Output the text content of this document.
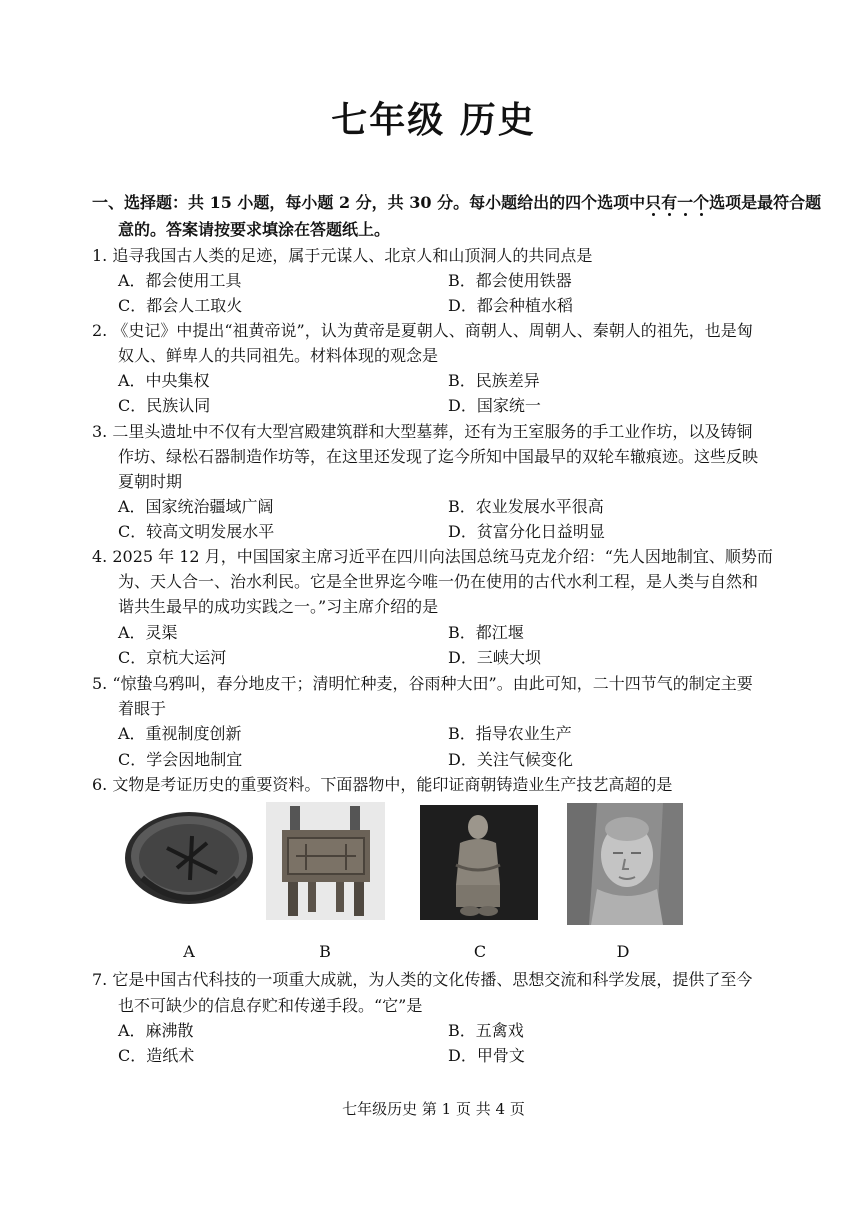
七年级 历史
一、选择题：共 15 小题，每小题 2 分，共 30 分。每小题给出的四个选项中只有一个选项是最符合题
意的。答案请按要求填涂在答题纸上。
1. 追寻我国古人类的足迹，属于元谋人、北京人和山顶洞人的共同点是
A．都会使用工具	B．都会使用铁器
C．都会人工取火	D．都会种植水稻
2. 《史记》中提出“祖黄帝说”，认为黄帝是夏朝人、商朝人、周朝人、秦朝人的祖先，也是匈
奴人、鲜卑人的共同祖先。材料体现的观念是
A．中央集权	B．民族差异
C．民族认同	D．国家统一
3. 二里头遗址中不仅有大型宫殿建筑群和大型墓葬，还有为王室服务的手工业作坊，以及铸铜
作坊、绿松石器制造作坊等，在这里还发现了迄今所知中国最早的双轮车辙痕迹。这些反映
夏朝时期
A．国家统治疆域广阔	B．农业发展水平很高
C．较高文明发展水平	D．贫富分化日益明显
4. 2025 年 12 月，中国国家主席习近平在四川向法国总统马克龙介绍：“先人因地制宜、顺势而
为、天人合一、治水利民。它是全世界迄今唯一仍在使用的古代水利工程，是人类与自然和
谐共生最早的成功实践之一。”习主席介绍的是
A．灵渠	B．都江堰
C．京杭大运河	D．三峡大坝
5. “惊蛰乌鸦叫，春分地皮干；清明忙种麦，谷雨种大田”。由此可知，二十四节气的制定主要
着眼于
A．重视制度创新	B．指导农业生产
C．学会因地制宜	D．关注气候变化
6. 文物是考证历史的重要资料。下面器物中，能印证商朝铸造业生产技艺高超的是
A	B	C	D
7. 它是中国古代科技的一项重大成就，为人类的文化传播、思想交流和科学发展，提供了至今
也不可缺少的信息存贮和传递手段。“它”是
A．麻沸散	B．五禽戏
C．造纸术	D．甲骨文
七年级历史 第 1 页 共 4 页
